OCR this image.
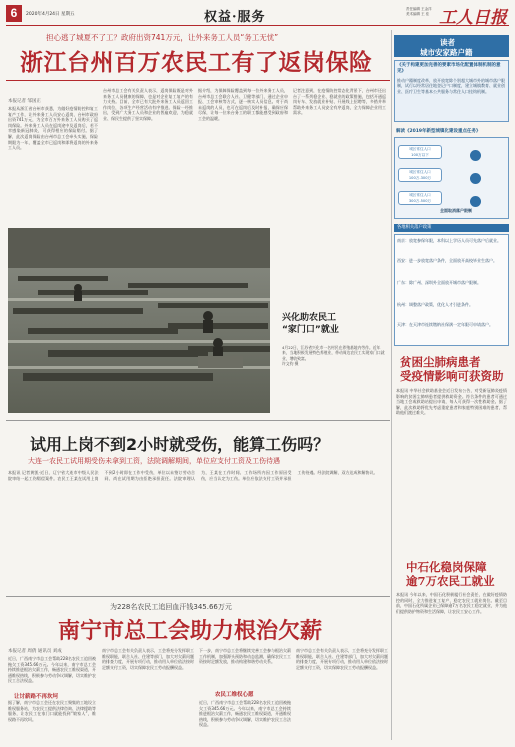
6	2020年4月24日 星期五	权益·服务
责任编辑 王金洋
美术编辑 王 佳 工人日报
担心逃了城夏不了工？政府出资741万元，让外来务工人员“务工无忧”
浙江台州百万农民工有了返岗保险
本报记者 邹国正
本报从浙江省台州市获悉，为做好疫情防控和复工复产工作，让外来务工人员安心返岗，台州市政府出资741万元，为全市百万外来务工人员购买了返岗保险。外来务工人员在返岗途中及返岗后，若不幸感染新冠肺炎，可获得相应的保险赔付。据了解，此次返岗保险由台州市总工会牵头实施，保险期限为一年，覆盖全市已返岗和即将返岗的外来务工人员。
台州市总工会有关负责人表示，返岗保险既是对外来务工人员健康的保障，也是对企业复工复产的有力支持。目前，全市已有大批外来务工人员返回工作岗位，各项生产经营活动有序推进。保险一经推出，受到广大务工人员和企业的普遍欢迎，为稳就业、保民生提供了坚实保障。
据介绍，为保障保险覆盖到每一位外来务工人员，台州市总工会联合人社、卫健等部门，通过企业申报、工会审核等方式，逐一核实人员信息。对于尚未返岗的人员，也可在返岗后及时补报，确保应保尽保，让每一位来台务工的职工都能感受到政府和工会的温暖。
记者注意到，在疫情防控常态化背景下，台州市还出台了一系列稳企业、稳就业的政策措施，包括开通返岗专车、发放就业补贴、开展线上招聘等，多措并举帮助外来务工人员安全有序返岗，全力保障企业用工需求。
兴化助农民工
“家门口”就业
4月22日，江苏省兴化市一名村民在养殖基地内劳作。近年来，当地积极发展特色养殖业，带动周边农民工实现家门口就业，增收致富。
许文钧 摄
读者
城市安家路户籍
《关于构建更加完善的要素市场化配置体制机制的意见》
推动户籍制度改革，放开放宽除个别超大城市外的城市落户限制，试行以经常居住地登记户口制度，建立城镇教育、就业创业、医疗卫生等基本公共服务与常住人口挂钩机制。
解读《2019年新型城镇化建设重点任务》
城区常住人口
100万以下
城区常住人口
100万-300万
城区常住人口
300万-500万
全面取消落户限制
各地相关落户政策
南京：放宽参保年限，本科以上学历人员可先落户后就业。
西安：进一步放宽落户条件，全面放开高校毕业生落户。
广东：除广州、深圳外全面放开城市落户限制。
杭州：调整落户政策，优化人才引进条件。
天津：在天津市连续缴纳社保满一定年限可申请落户。
贫困尘肺病患者
受疫情影响可获资助
本报讯 中华社会救助基金会近日发布公告，对受新冠肺炎疫情影响的贫困尘肺病患者提供救助资金。符合条件的患者可通过当地工会或救助站提出申请，每人可获得一次性救助金。据了解，此次救助将优先考虑重症患者和家庭特别困难的患者，帮助他们渡过难关。
中石化稳岗保障
逾7万农民工就业
本报讯 今年以来，中国石化积极履行社会责任，在做好疫情防控的同时，全力推进复工复产，稳定农民工就业岗位。截至目前，中国石化所属企业已保障逾7万名农民工稳定就业，并为他们提供防护物资和生活保障，让农民工安心工作。
试用上岗不到2小时就受伤，能算工伤吗？
大连一农民工试用期受伤未拿到工资，法院调解期间，单位应支付工资及工伤待遇
本报讯 记者黄凯·近日，辽宁省大连市中级人民法院审结一起工伤赔偿案件。农民工王某在试用上岗不到2小时即在工作中受伤，单位以未签订劳动合同、尚在试用期为由拒绝承担责任。法院审理认为，王某在工作时间、工作场所内因工作原因受伤，应当认定为工伤。单位应依法支付工资并承担工伤待遇。经法院调解，双方达成和解协议。
为228名农民工追回血汗钱345.66万元
南宁市总工会助力根治欠薪
本报记者 周倩 通讯员 刘成
近日，广西南宁市总工会帮助228名农民工追回被拖欠工资345.66万元。今年以来，南宁市总工会持续推进根治欠薪工作，畅通农民工维权渠道，开通维权热线，积极参与劳动争议调解，切实维护农民工合法权益。
让讨薪路不再坎坷
据了解，南宁市总工会还在农民工聚集的工地设立维权服务站，为农民工提供法律咨询、法律援助等服务，让农民工在家门口就能找到“娘家人”，维权路不再坎坷。
南宁市总工会有关负责人表示，工会将充分发挥职工维权职能，联合人社、住建等部门，加大对欠薪问题的排查力度，开展专项行动，推动用人单位依法按时足额支付工资，切实保障农民工劳动报酬权益。
农民工维权心愿
下一步，南宁市总工会将继续完善工会参与根治欠薪工作机制，加强源头预防和动态监测，确保农民工工资按时足额发放，推动构建和谐劳动关系。
近日，广西南宁市总工会帮助228名农民工追回被拖欠工资345.66万元。今年以来，南宁市总工会持续推进根治欠薪工作，畅通农民工维权渠道，开通维权热线，积极参与劳动争议调解，切实维护农民工合法权益。
南宁市总工会有关负责人表示，工会将充分发挥职工维权职能，联合人社、住建等部门，加大对欠薪问题的排查力度，开展专项行动，推动用人单位依法按时足额支付工资，切实保障农民工劳动报酬权益。
